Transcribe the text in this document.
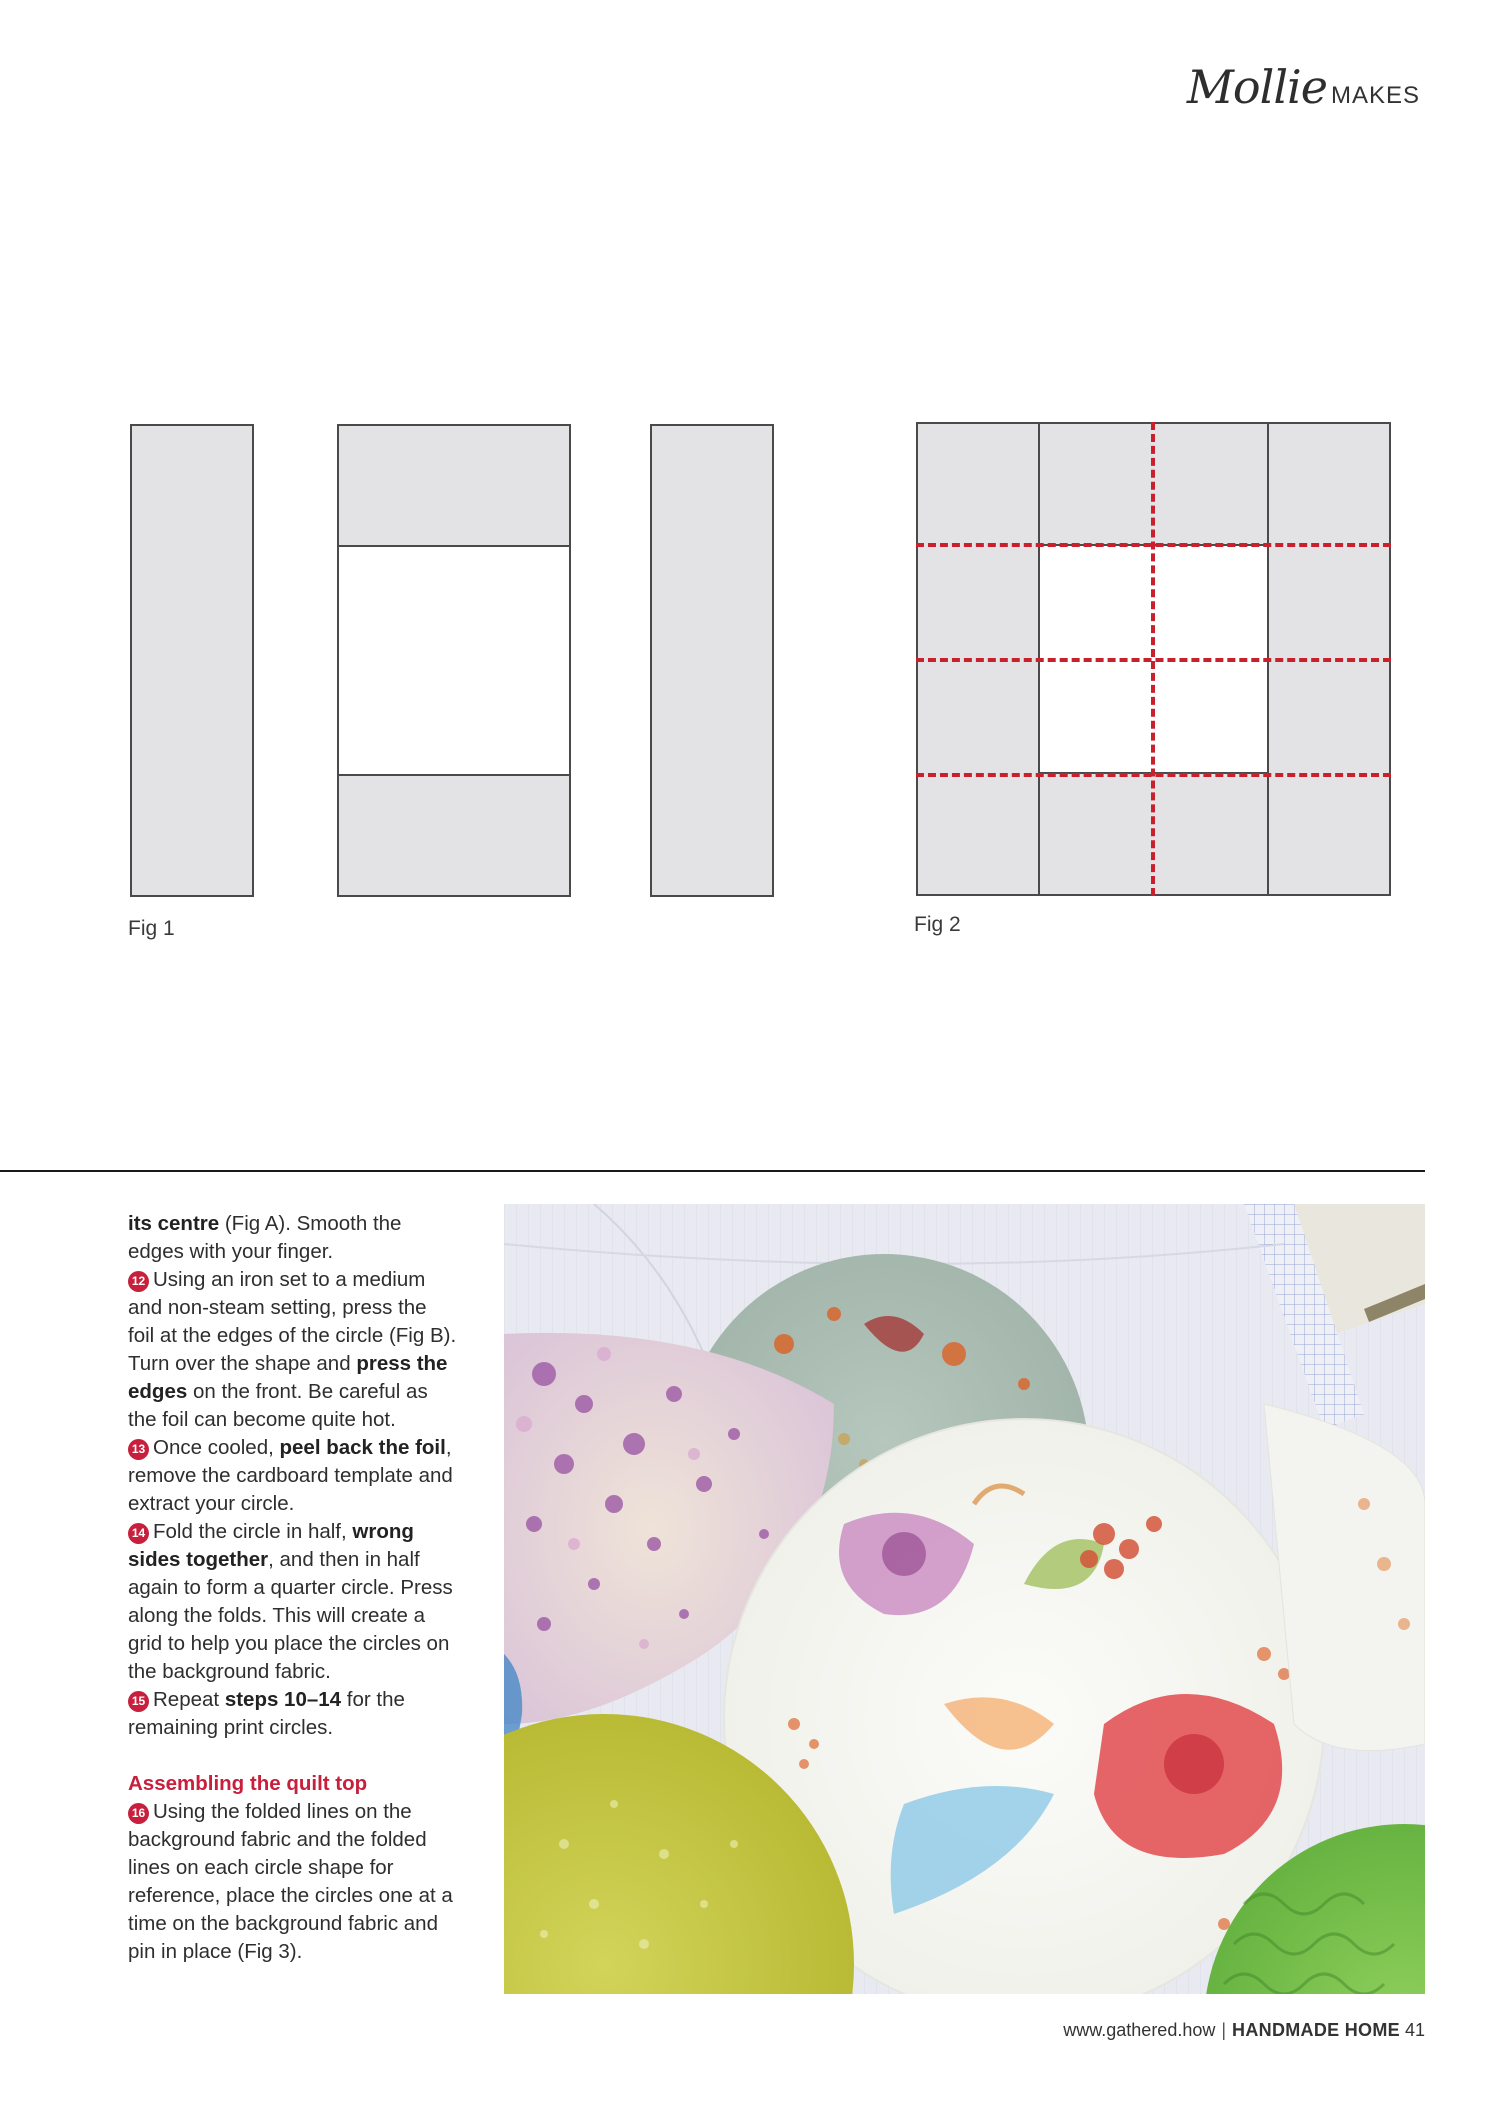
Mollie MAKES
Fig 1	Fig 2

its centre (Fig A). Smooth the edges with your finger.

12 Using an iron set to a medium and non-steam setting, press the foil at the edges of the circle (Fig B). Turn over the shape and press the edges on the front. Be careful as the foil can become quite hot.

13 Once cooled, peel back the foil, remove the cardboard template and extract your circle.

14 Fold the circle in half, wrong sides together, and then in half again to form a quarter circle. Press along the folds. This will create a grid to help you place the circles on the background fabric.

15 Repeat steps 10–14 for the remaining print circles.

Assembling the quilt top

16 Using the folded lines on the background fabric and the folded lines on each circle shape for reference, place the circles one at a time on the background fabric and pin in place (Fig 3).

www.gathered.how | HANDMADE HOME 41
